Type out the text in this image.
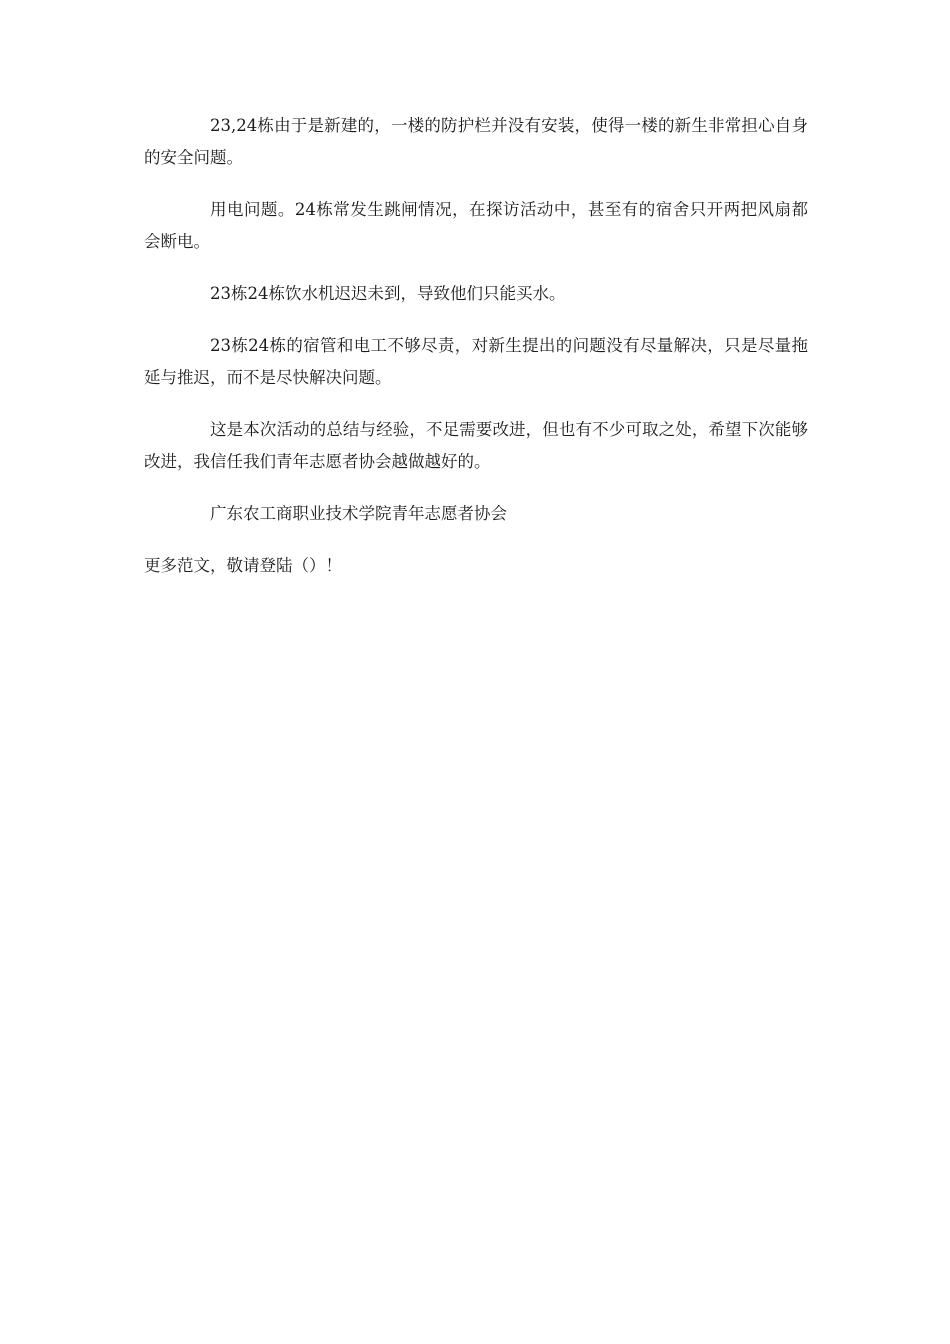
23,24栋由于是新建的，一楼的防护栏并没有安装，使得一楼的新生非常担心自身的安全问题。

用电问题。24栋常发生跳闸情况，在探访活动中，甚至有的宿舍只开两把风扇都会断电。

23栋24栋饮水机迟迟未到，导致他们只能买水。

23栋24栋的宿管和电工不够尽责，对新生提出的问题没有尽量解决，只是尽量拖延与推迟，而不是尽快解决问题。

这是本次活动的总结与经验，不足需要改进，但也有不少可取之处，希望下次能够改进，我信任我们青年志愿者协会越做越好的。

广东农工商职业技术学院青年志愿者协会

更多范文，敬请登陆（）！
